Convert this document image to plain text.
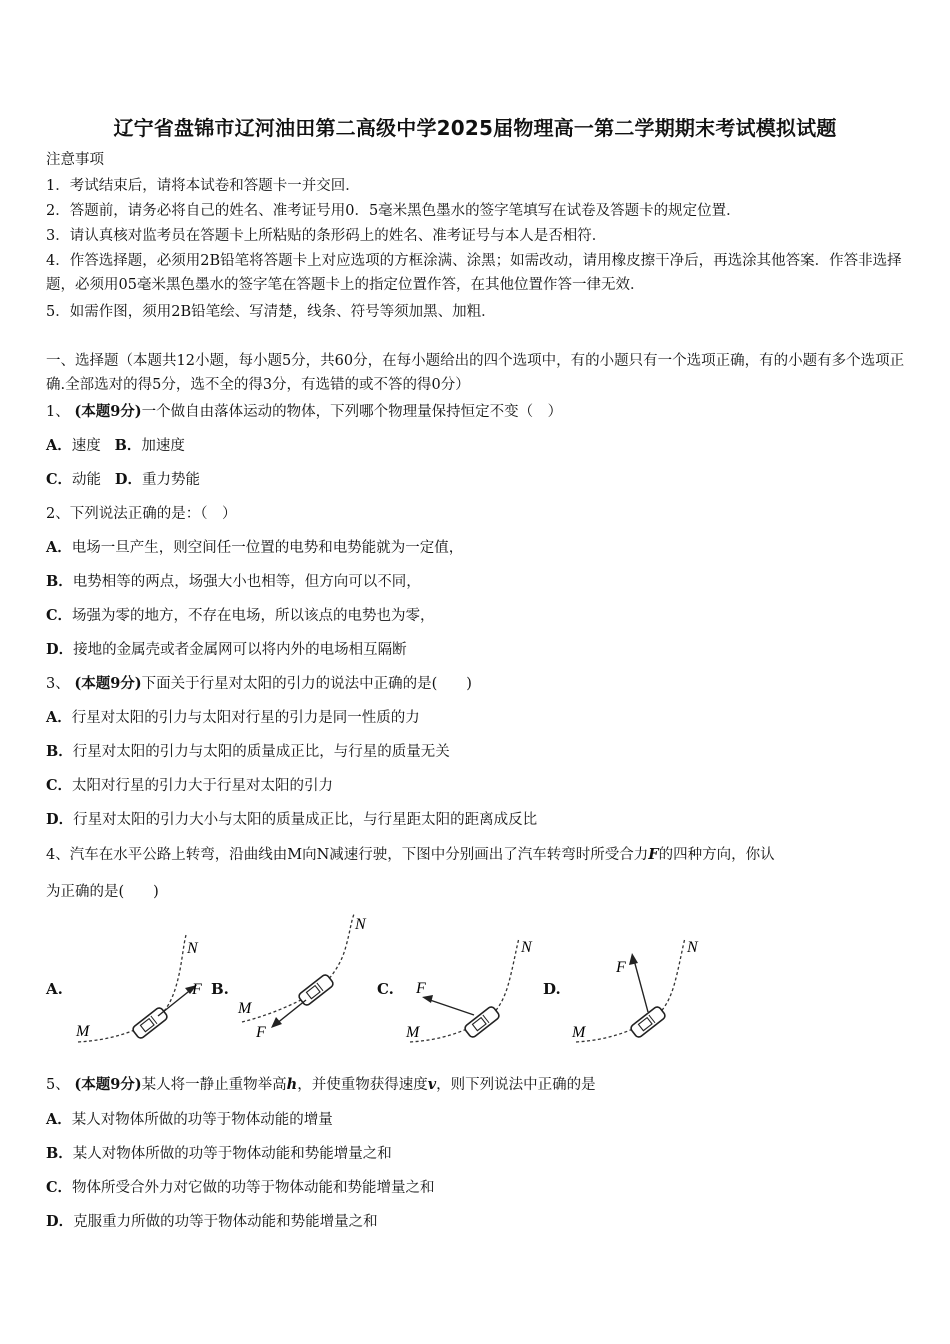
辽宁省盘锦市辽河油田第二高级中学2025届物理高一第二学期期末考试模拟试题
注意事项
1．考试结束后，请将本试卷和答题卡一并交回．
2．答题前，请务必将自己的姓名、准考证号用0．5毫米黑色墨水的签字笔填写在试卷及答题卡的规定位置．
3．请认真核对监考员在答题卡上所粘贴的条形码上的姓名、准考证号与本人是否相符．
4．作答选择题，必须用2B铅笔将答题卡上对应选项的方框涂满、涂黑；如需改动，请用橡皮擦干净后，再选涂其他答案．作答非选择题，必须用05毫米黑色墨水的签字笔在答题卡上的指定位置作答，在其他位置作答一律无效．
5．如需作图，须用2B铅笔绘、写清楚，线条、符号等须加黑、加粗．
一、选择题（本题共12小题，每小题5分，共60分，在每小题给出的四个选项中，有的小题只有一个选项正确，有的小题有多个选项正确.全部选对的得5分，选不全的得3分，有选错的或不答的得0分）
1、 (本题9分)一个做自由落体运动的物体，下列哪个物理量保持恒定不变（　）
A．速度 B．加速度
C．动能 D．重力势能
2、下列说法正确的是：（　）
A．电场一旦产生，则空间任一位置的电势和电势能就为一定值，
B．电势相等的两点，场强大小也相等，但方向可以不同，
C．场强为零的地方，不存在电场，所以该点的电势也为零，
D．接地的金属壳或者金属网可以将内外的电场相互隔断
3、 (本题9分)下面关于行星对太阳的引力的说法中正确的是(　　)
A．行星对太阳的引力与太阳对行星的引力是同一性质的力
B．行星对太阳的引力与太阳的质量成正比，与行星的质量无关
C．太阳对行星的引力大于行星对太阳的引力
D．行星对太阳的引力大小与太阳的质量成正比，与行星距太阳的距离成反比
4、汽车在水平公路上转弯，沿曲线由M向N减速行驶，下图中分别画出了汽车转弯时所受合力F的四种方向，你认
为正确的是(　　)
A.
M
N
F B.
M
N
F
C.
M
N
F	D.
M
N
F
5、 (本题9分)某人将一静止重物举高h，并使重物获得速度v，则下列说法中正确的是
A．某人对物体所做的功等于物体动能的增量
B．某人对物体所做的功等于物体动能和势能增量之和
C．物体所受合外力对它做的功等于物体动能和势能增量之和
D．克服重力所做的功等于物体动能和势能增量之和
